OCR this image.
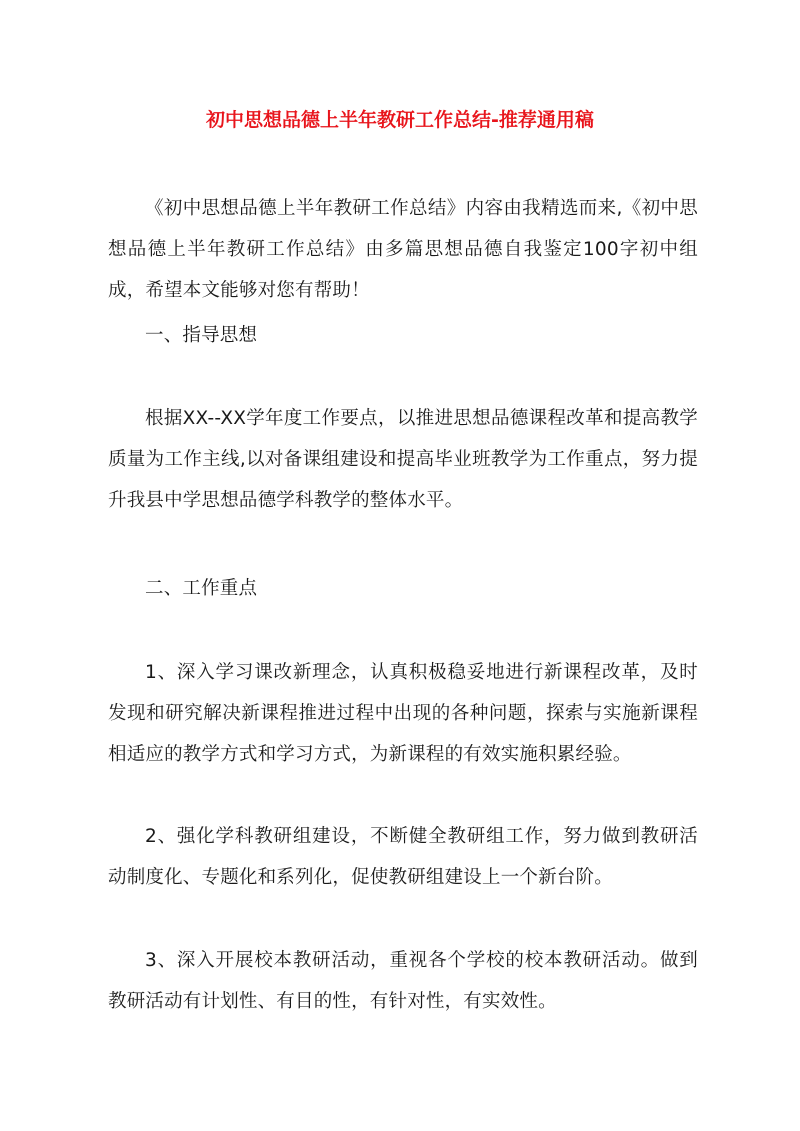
初中思想品德上半年教研工作总结-推荐通用稿

《初中思想品德上半年教研工作总结》内容由我精选而来,《初中思想品德上半年教研工作总结》由多篇思想品德自我鉴定100字初中组成，希望本文能够对您有帮助！

一、指导思想

根据XX--XX学年度工作要点，以推进思想品德课程改革和提高教学质量为工作主线,以对备课组建设和提高毕业班教学为工作重点，努力提升我县中学思想品德学科教学的整体水平。

二、工作重点

1、深入学习课改新理念，认真积极稳妥地进行新课程改革，及时发现和研究解决新课程推进过程中出现的各种问题，探索与实施新课程相适应的教学方式和学习方式，为新课程的有效实施积累经验。

2、强化学科教研组建设，不断健全教研组工作，努力做到教研活动制度化、专题化和系列化，促使教研组建设上一个新台阶。

3、深入开展校本教研活动，重视各个学校的校本教研活动。做到教研活动有计划性、有目的性，有针对性，有实效性。
